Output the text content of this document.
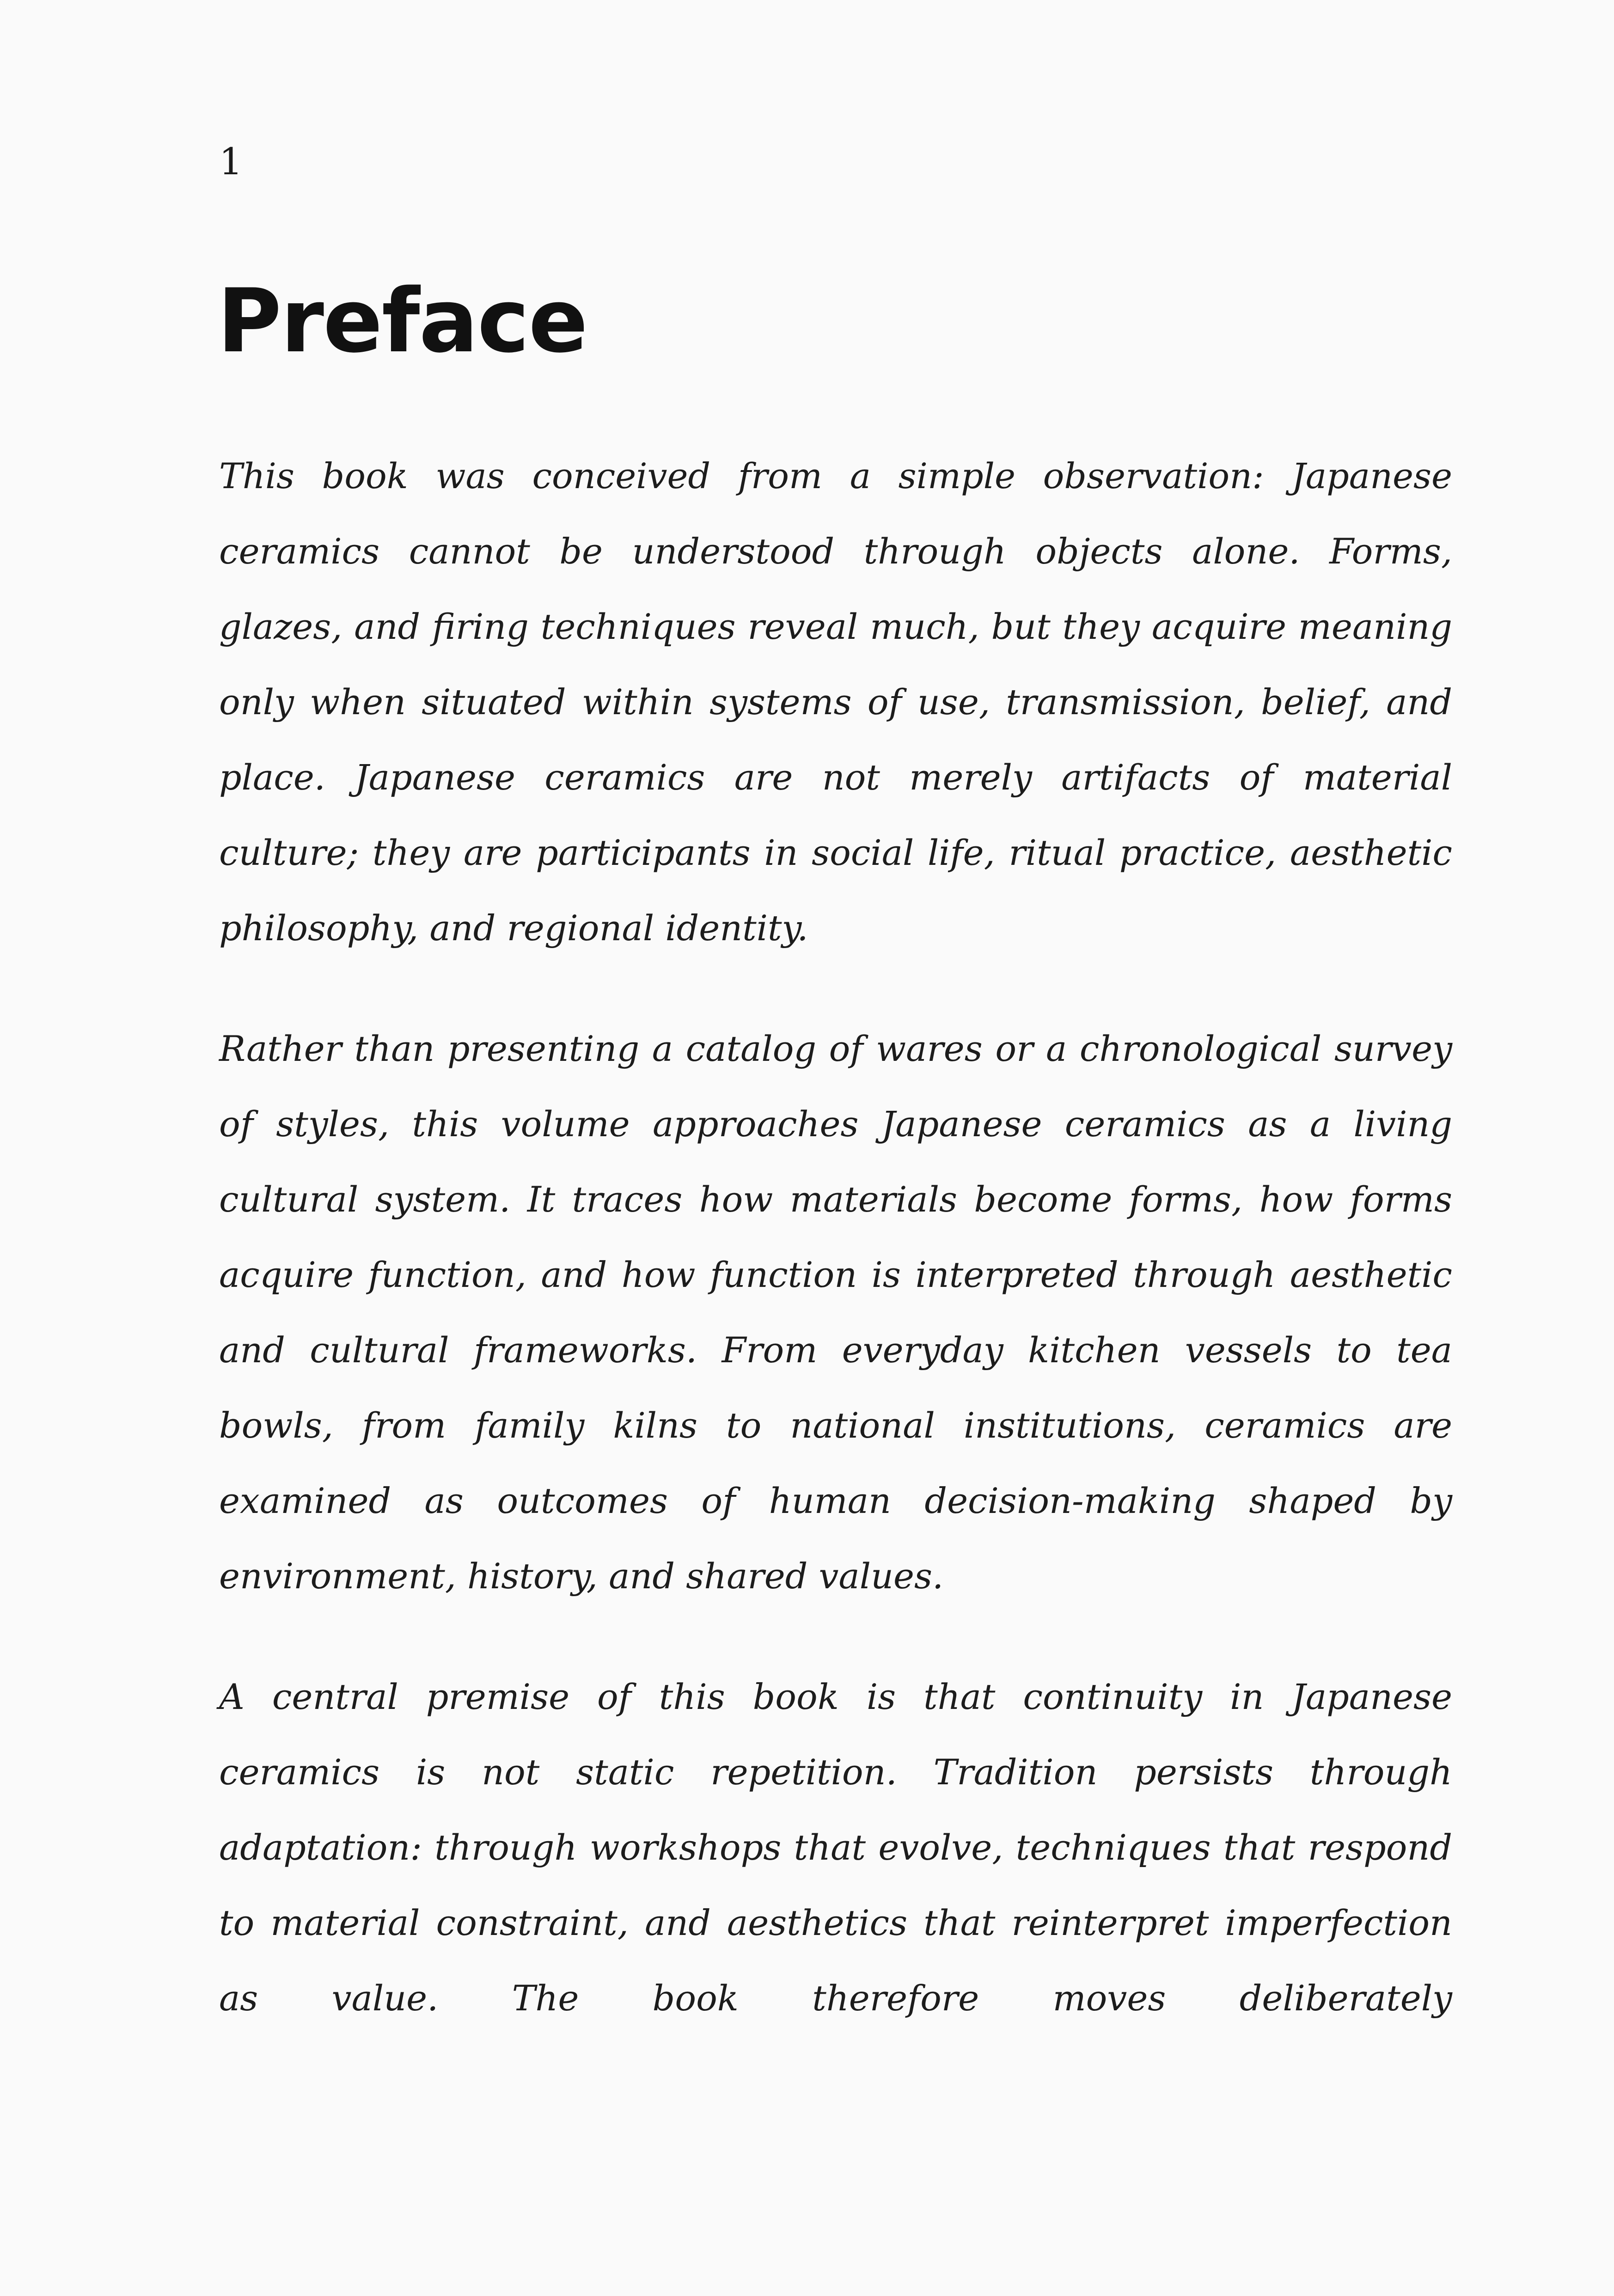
1

Preface

This book was conceived from a simple observation: Japanese ceramics cannot be understood through objects alone. Forms, glazes, and firing techniques reveal much, but they acquire meaning only when situated within systems of use, transmission, belief, and place. Japanese ceramics are not merely artifacts of material culture; they are participants in social life, ritual practice, aesthetic philosophy, and regional identity.

Rather than presenting a catalog of wares or a chronological survey of styles, this volume approaches Japanese ceramics as a living cultural system. It traces how materials become forms, how forms acquire function, and how function is interpreted through aesthetic and cultural frameworks. From everyday kitchen vessels to tea bowls, from family kilns to national institutions, ceramics are examined as outcomes of human decision-making shaped by environment, history, and shared values.

A central premise of this book is that continuity in Japanese ceramics is not static repetition. Tradition persists through adaptation: through workshops that evolve, techniques that respond to material constraint, and aesthetics that reinterpret imperfection as value. The book therefore moves deliberately
